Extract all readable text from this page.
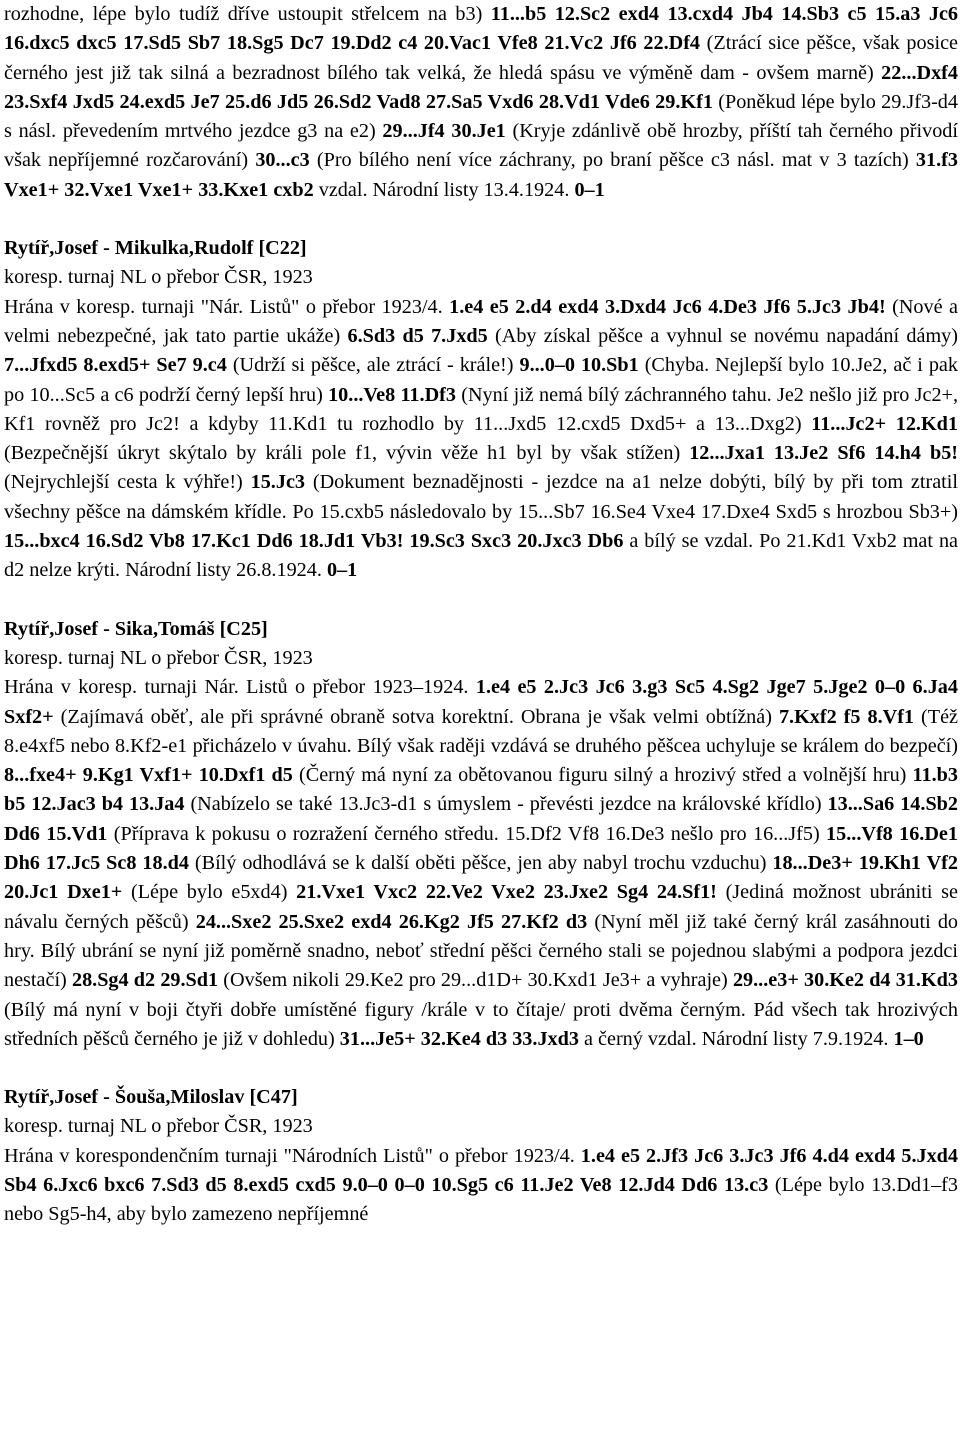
rozhodne, lépe bylo tudíž dříve ustoupit střelcem na b3) 11...b5 12.Sc2 exd4 13.cxd4 Jb4 14.Sb3 c5 15.a3 Jc6 16.dxc5 dxc5 17.Sd5 Sb7 18.Sg5 Dc7 19.Dd2 c4 20.Vac1 Vfe8 21.Vc2 Jf6 22.Df4 (Ztrácí sice pěšce, však posice černého jest již tak silná a bezradnost bílého tak velká, že hledá spásu ve výměně dam - ovšem marně) 22...Dxf4 23.Sxf4 Jxd5 24.exd5 Je7 25.d6 Jd5 26.Sd2 Vad8 27.Sa5 Vxd6 28.Vd1 Vde6 29.Kf1 (Poněkud lépe bylo 29.Jf3-d4 s násl. převedením mrtvého jezdce g3 na e2) 29...Jf4 30.Je1 (Kryje zdánlivě obě hrozby, příští tah černého přivodí však nepříjemné rozčarování) 30...c3 (Pro bílého není více záchrany, po braní pěšce c3 násl. mat v 3 tazích) 31.f3 Vxe1+ 32.Vxe1 Vxe1+ 33.Kxe1 cxb2 vzdal. Národní listy 13.4.1924. 0–1

Rytíř,Josef - Mikulka,Rudolf [C22]
koresp. turnaj NL o přebor ČSR, 1923

Hrána v koresp. turnaji "Nár. Listů" o přebor 1923/4. 1.e4 e5 2.d4 exd4 3.Dxd4 Jc6 4.De3 Jf6 5.Jc3 Jb4! (Nové a velmi nebezpečné, jak tato partie ukáže) 6.Sd3 d5 7.Jxd5 (Aby získal pěšce a vyhnul se novému napadání dámy) 7...Jfxd5 8.exd5+ Se7 9.c4 (Udrží si pěšce, ale ztrácí - krále!) 9...0–0 10.Sb1 (Chyba. Nejlepší bylo 10.Je2, ač i pak po 10...Sc5 a c6 podrží černý lepší hru) 10...Ve8 11.Df3 (Nyní již nemá bílý záchranného tahu. Je2 nešlo již pro Jc2+, Kf1 rovněž pro Jc2! a kdyby 11.Kd1 tu rozhodlo by 11...Jxd5 12.cxd5 Dxd5+ a 13...Dxg2) 11...Jc2+ 12.Kd1 (Bezpečnější úkryt skýtalo by králi pole f1, vývin věže h1 byl by však stížen) 12...Jxa1 13.Je2 Sf6 14.h4 b5! (Nejrychlejší cesta k výhře!) 15.Jc3 (Dokument beznadějnosti - jezdce na a1 nelze dobýti, bílý by při tom ztratil všechny pěšce na dámském křídle. Po 15.cxb5 následovalo by 15...Sb7 16.Se4 Vxe4 17.Dxe4 Sxd5 s hrozbou Sb3+) 15...bxc4 16.Sd2 Vb8 17.Kc1 Dd6 18.Jd1 Vb3! 19.Sc3 Sxc3 20.Jxc3 Db6 a bílý se vzdal. Po 21.Kd1 Vxb2 mat na d2 nelze krýti. Národní listy 26.8.1924. 0–1

Rytíř,Josef - Sika,Tomáš [C25]
koresp. turnaj NL o přebor ČSR, 1923

Hrána v koresp. turnaji Nár. Listů o přebor 1923–1924. 1.e4 e5 2.Jc3 Jc6 3.g3 Sc5 4.Sg2 Jge7 5.Jge2 0–0 6.Ja4 Sxf2+ (Zajímavá oběť, ale při správné obraně sotva korektní. Obrana je však velmi obtížná) 7.Kxf2 f5 8.Vf1 (Též 8.e4xf5 nebo 8.Kf2-e1 přicházelo v úvahu. Bílý však raději vzdává se druhého pěšcea uchyluje se králem do bezpečí) 8...fxe4+ 9.Kg1 Vxf1+ 10.Dxf1 d5 (Černý má nyní za obětovanou figuru silný a hrozivý střed a volnější hru) 11.b3 b5 12.Jac3 b4 13.Ja4 (Nabízelo se také 13.Jc3-d1 s úmyslem - převésti jezdce na královské křídlo) 13...Sa6 14.Sb2 Dd6 15.Vd1 (Příprava k pokusu o rozražení černého středu. 15.Df2 Vf8 16.De3 nešlo pro 16...Jf5) 15...Vf8 16.De1 Dh6 17.Jc5 Sc8 18.d4 (Bílý odhodlává se k další oběti pěšce, jen aby nabyl trochu vzduchu) 18...De3+ 19.Kh1 Vf2 20.Jc1 Dxe1+ (Lépe bylo e5xd4) 21.Vxe1 Vxc2 22.Ve2 Vxe2 23.Jxe2 Sg4 24.Sf1! (Jediná možnost ubrániti se návalu černých pěšců) 24...Sxe2 25.Sxe2 exd4 26.Kg2 Jf5 27.Kf2 d3 (Nyní měl již také černý král zasáhnouti do hry. Bílý ubrání se nyní již poměrně snadno, neboť střední pěšci černého stali se pojednou slabými a podpora jezdci nestačí) 28.Sg4 d2 29.Sd1 (Ovšem nikoli 29.Ke2 pro 29...d1D+ 30.Kxd1 Je3+ a vyhraje) 29...e3+ 30.Ke2 d4 31.Kd3 (Bílý má nyní v boji čtyři dobře umístěné figury /krále v to čítaje/ proti dvěma černým. Pád všech tak hrozivých středních pěšců černého je již v dohledu) 31...Je5+ 32.Ke4 d3 33.Jxd3 a černý vzdal. Národní listy 7.9.1924. 1–0

Rytíř,Josef - Šouša,Miloslav [C47]
koresp. turnaj NL o přebor ČSR, 1923

Hrána v korespondenčním turnaji "Národních Listů" o přebor 1923/4. 1.e4 e5 2.Jf3 Jc6 3.Jc3 Jf6 4.d4 exd4 5.Jxd4 Sb4 6.Jxc6 bxc6 7.Sd3 d5 8.exd5 cxd5 9.0–0 0–0 10.Sg5 c6 11.Je2 Ve8 12.Jd4 Dd6 13.c3 (Lépe bylo 13.Dd1–f3 nebo Sg5-h4, aby bylo zamezeno nepříjemné
